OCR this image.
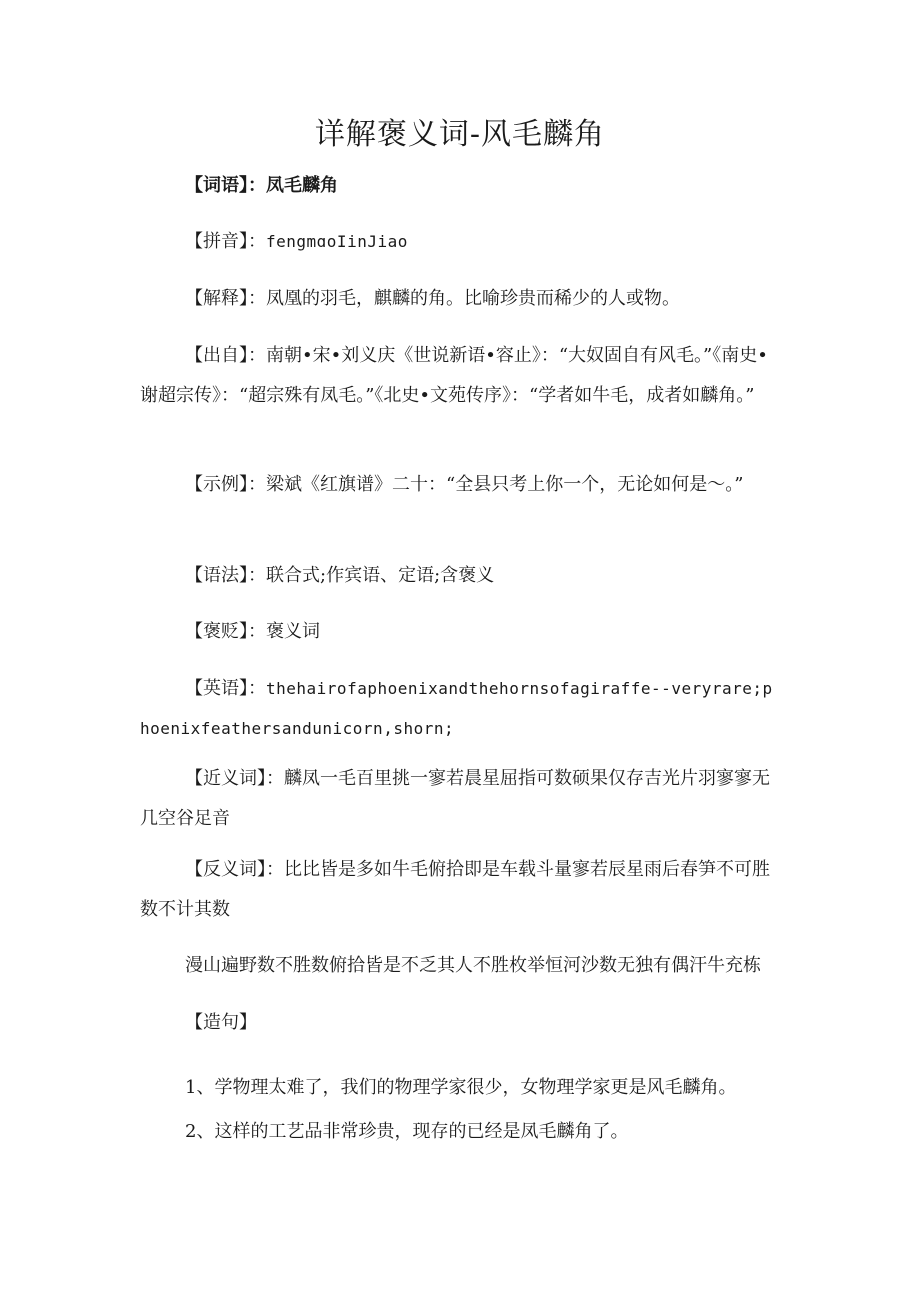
详解褒义词-风毛麟角
【词语】：凤毛麟角
【拼音】：fengmɑoIinJiao
【解释】：凤凰的羽毛，麒麟的角。比喻珍贵而稀少的人或物。
【出自】：南朝•宋•刘义庆《世说新语•容止》：“大奴固自有风毛。”《南史•谢超宗传》：“超宗殊有凤毛。”《北史•文苑传序》：“学者如牛毛，成者如麟角。”
【示例】：梁斌《红旗谱》二十：“全县只考上你一个，无论如何是～。”
【语法】：联合式;作宾语、定语;含褒义
【褒贬】：褒义词
【英语】：thehairofaphoenixandthehornsofagiraffe--veryrare;phoenixfeathersandunicorn,shorn;
【近义词】：麟凤一毛百里挑一寥若晨星屈指可数硕果仅存吉光片羽寥寥无几空谷足音
【反义词】：比比皆是多如牛毛俯拾即是车载斗量寥若辰星雨后春笋不可胜数不计其数
漫山遍野数不胜数俯拾皆是不乏其人不胜枚举恒河沙数无独有偶汗牛充栋
【造句】
1、学物理太难了，我们的物理学家很少，女物理学家更是风毛麟角。
2、这样的工艺品非常珍贵，现存的已经是凤毛麟角了。
